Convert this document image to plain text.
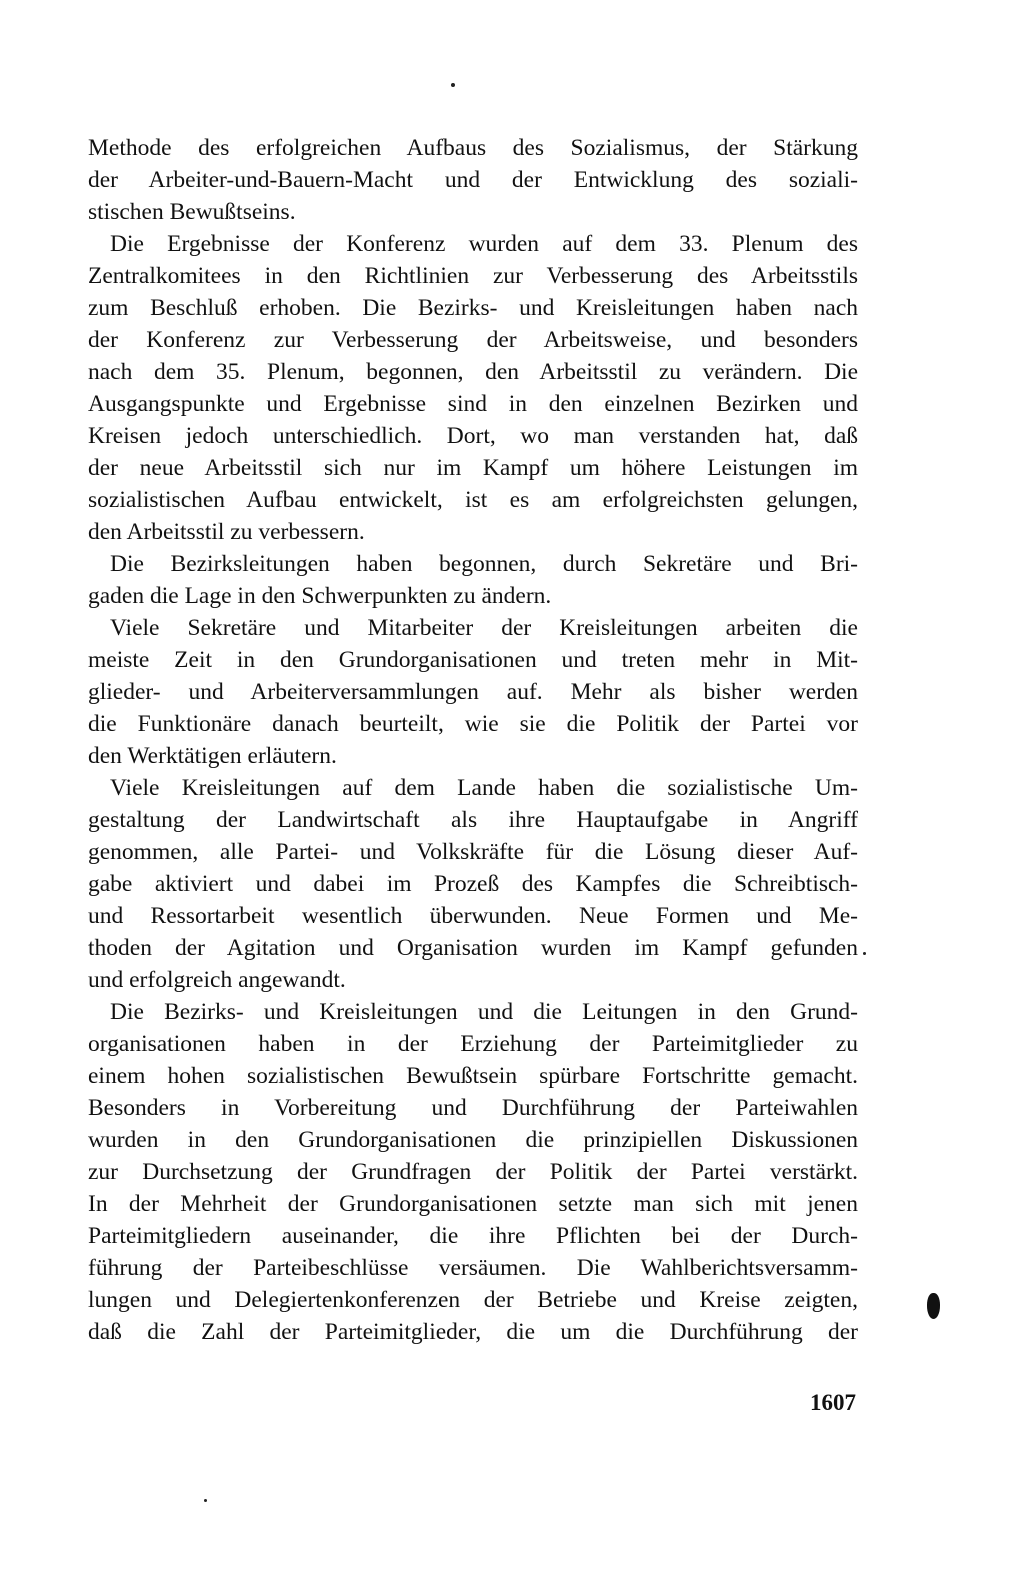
Methode des erfolgreichen Aufbaus des Sozialismus, der Stärkung
der Arbeiter-und-Bauern-Macht und der Entwicklung des soziali-
stischen Bewußtseins.
Die Ergebnisse der Konferenz wurden auf dem 33. Plenum des
Zentralkomitees in den Richtlinien zur Verbesserung des Arbeitsstils
zum Beschluß erhoben. Die Bezirks- und Kreisleitungen haben nach
der Konferenz zur Verbesserung der Arbeitsweise, und besonders
nach dem 35. Plenum, begonnen, den Arbeitsstil zu verändern. Die
Ausgangspunkte und Ergebnisse sind in den einzelnen Bezirken und
Kreisen jedoch unterschiedlich. Dort, wo man verstanden hat, daß
der neue Arbeitsstil sich nur im Kampf um höhere Leistungen im
sozialistischen Aufbau entwickelt, ist es am erfolgreichsten gelungen,
den Arbeitsstil zu verbessern.
Die Bezirksleitungen haben begonnen, durch Sekretäre und Bri-
gaden die Lage in den Schwerpunkten zu ändern.
Viele Sekretäre und Mitarbeiter der Kreisleitungen arbeiten die
meiste Zeit in den Grundorganisationen und treten mehr in Mit-
glieder- und Arbeiterversammlungen auf. Mehr als bisher werden
die Funktionäre danach beurteilt, wie sie die Politik der Partei vor
den Werktätigen erläutern.
Viele Kreisleitungen auf dem Lande haben die sozialistische Um-
gestaltung der Landwirtschaft als ihre Hauptaufgabe in Angriff
genommen, alle Partei- und Volkskräfte für die Lösung dieser Auf-
gabe aktiviert und dabei im Prozeß des Kampfes die Schreibtisch-
und Ressortarbeit wesentlich überwunden. Neue Formen und Me-
thoden der Agitation und Organisation wurden im Kampf gefunden
und erfolgreich angewandt.
Die Bezirks- und Kreisleitungen und die Leitungen in den Grund-
organisationen haben in der Erziehung der Parteimitglieder zu
einem hohen sozialistischen Bewußtsein spürbare Fortschritte gemacht.
Besonders in Vorbereitung und Durchführung der Parteiwahlen
wurden in den Grundorganisationen die prinzipiellen Diskussionen
zur Durchsetzung der Grundfragen der Politik der Partei verstärkt.
In der Mehrheit der Grundorganisationen setzte man sich mit jenen
Parteimitgliedern auseinander, die ihre Pflichten bei der Durch-
führung der Parteibeschlüsse versäumen. Die Wahlberichtsversamm-
lungen und Delegiertenkonferenzen der Betriebe und Kreise zeigten,
daß die Zahl der Parteimitglieder, die um die Durchführung der
1607
